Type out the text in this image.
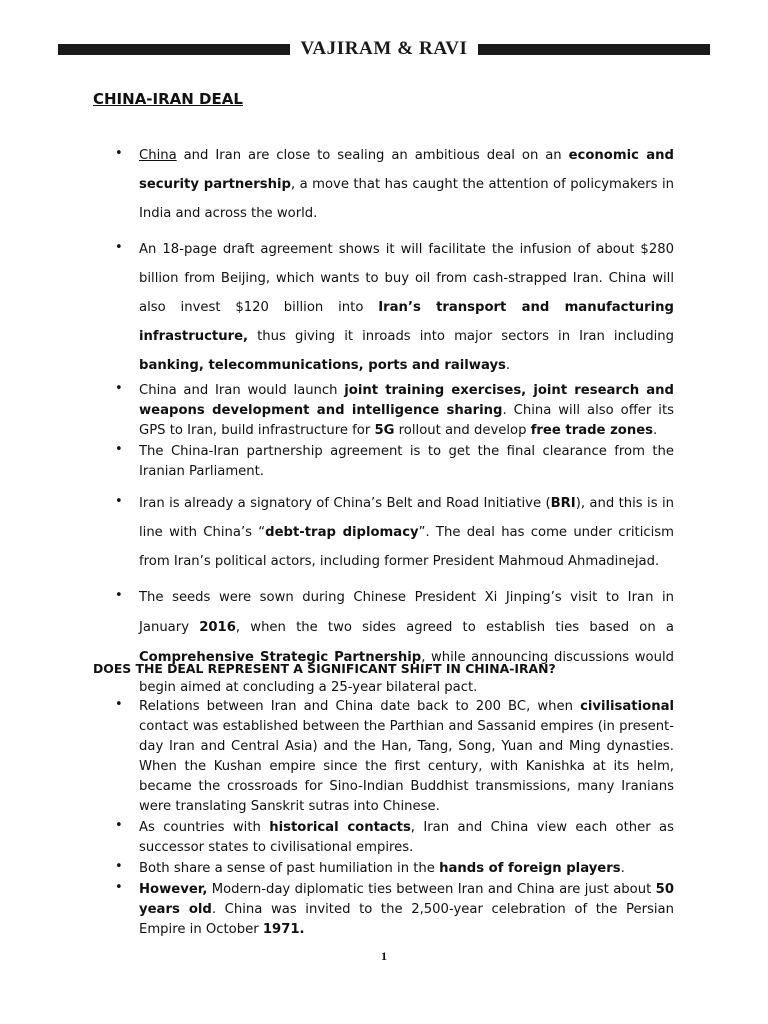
VAJIRAM & RAVI
CHINA-IRAN DEAL
• China and Iran are close to sealing an ambitious deal on an economic and security partnership, a move that has caught the attention of policymakers in India and across the world.
• An 18-page draft agreement shows it will facilitate the infusion of about $280 billion from Beijing, which wants to buy oil from cash-strapped Iran. China will also invest $120 billion into Iran’s transport and manufacturing infrastructure, thus giving it inroads into major sectors in Iran including banking, telecommunications, ports and railways.
• China and Iran would launch joint training exercises, joint research and weapons development and intelligence sharing. China will also offer its GPS to Iran, build infrastructure for 5G rollout and develop free trade zones.
• The China-Iran partnership agreement is to get the final clearance from the Iranian Parliament.
• Iran is already a signatory of China’s Belt and Road Initiative (BRI), and this is in line with China’s “debt-trap diplomacy”. The deal has come under criticism from Iran’s political actors, including former President Mahmoud Ahmadinejad.
• The seeds were sown during Chinese President Xi Jinping’s visit to Iran in January 2016, when the two sides agreed to establish ties based on a Comprehensive Strategic Partnership, while announcing discussions would begin aimed at concluding a 25-year bilateral pact.
DOES THE DEAL REPRESENT A SIGNIFICANT SHIFT IN CHINA-IRAN?
• Relations between Iran and China date back to 200 BC, when civilisational contact was established between the Parthian and Sassanid empires (in present-day Iran and Central Asia) and the Han, Tang, Song, Yuan and Ming dynasties. When the Kushan empire since the first century, with Kanishka at its helm, became the crossroads for Sino-Indian Buddhist transmissions, many Iranians were translating Sanskrit sutras into Chinese.
• As countries with historical contacts, Iran and China view each other as successor states to civilisational empires.
• Both share a sense of past humiliation in the hands of foreign players.
• However, Modern-day diplomatic ties between Iran and China are just about 50 years old. China was invited to the 2,500-year celebration of the Persian Empire in October 1971.
1
